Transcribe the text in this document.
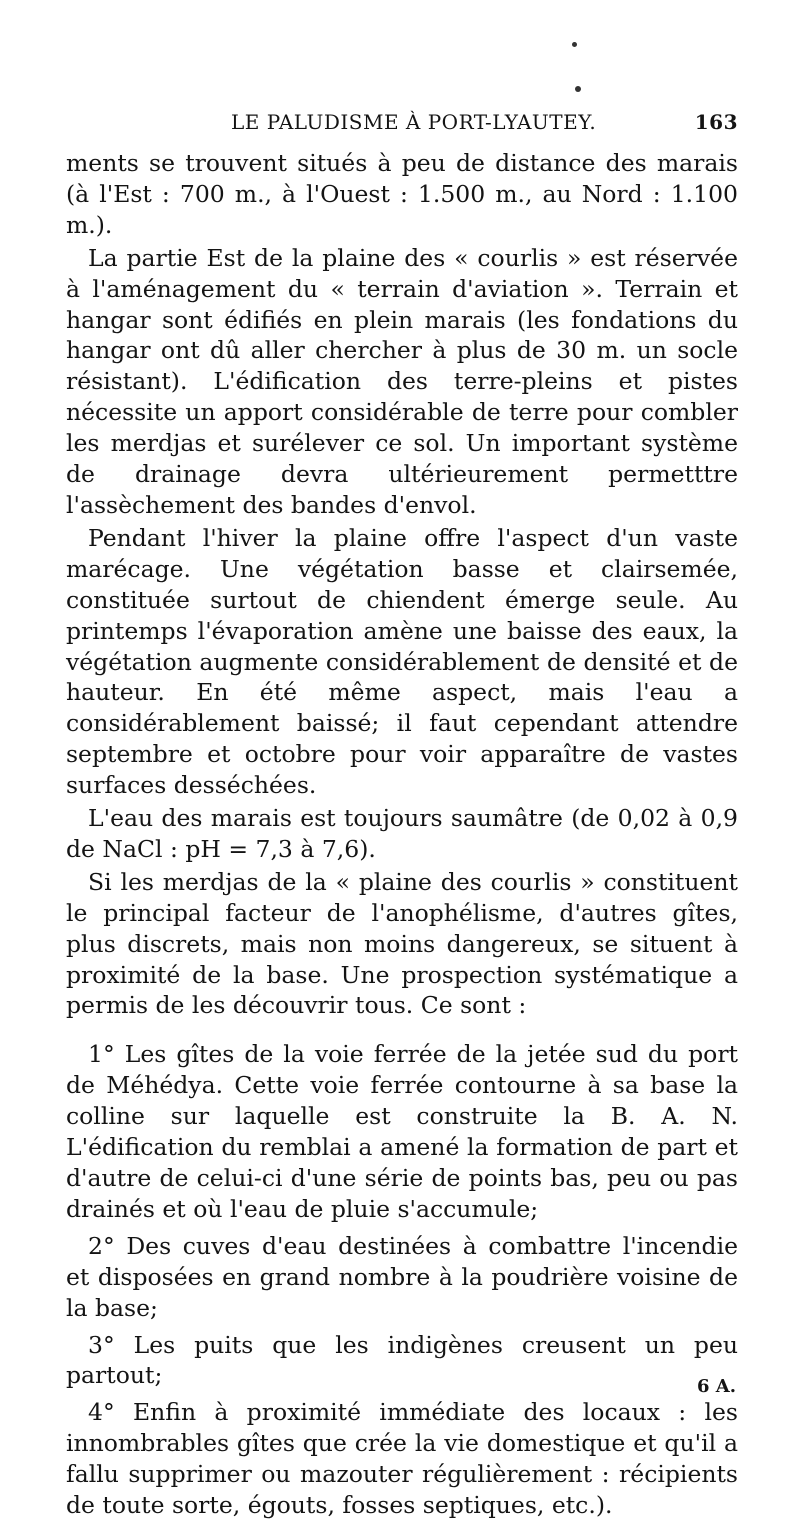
LE PALUDISME À PORT-LYAUTEY.	163

ments se trouvent situés à peu de distance des marais (à l'Est : 700 m., à l'Ouest : 1.500 m., au Nord : 1.100 m.).

La partie Est de la plaine des « courlis » est réservée à l'aménagement du « terrain d'aviation ». Terrain et hangar sont édifiés en plein marais (les fondations du hangar ont dû aller chercher à plus de 30 m. un socle résistant). L'édification des terre-pleins et pistes nécessite un apport considérable de terre pour combler les merdjas et surélever ce sol. Un important système de drainage devra ultérieurement permetttre l'assèchement des bandes d'envol.

Pendant l'hiver la plaine offre l'aspect d'un vaste marécage. Une végétation basse et clairsemée, constituée surtout de chiendent émerge seule. Au printemps l'évaporation amène une baisse des eaux, la végétation augmente considérablement de densité et de hauteur. En été même aspect, mais l'eau a considérablement baissé; il faut cependant attendre septembre et octobre pour voir apparaître de vastes surfaces desséchées.

L'eau des marais est toujours saumâtre (de 0,02 à 0,9 de NaCl : pH = 7,3 à 7,6).

Si les merdjas de la « plaine des courlis » constituent le principal facteur de l'anophélisme, d'autres gîtes, plus discrets, mais non moins dangereux, se situent à proximité de la base. Une prospection systématique a permis de les découvrir tous. Ce sont :

1° Les gîtes de la voie ferrée de la jetée sud du port de Méhédya. Cette voie ferrée contourne à sa base la colline sur laquelle est construite la B. A. N. L'édification du remblai a amené la formation de part et d'autre de celui-ci d'une série de points bas, peu ou pas drainés et où l'eau de pluie s'accumule;

2° Des cuves d'eau destinées à combattre l'incendie et disposées en grand nombre à la poudrière voisine de la base;

3° Les puits que les indigènes creusent un peu partout;

4° Enfin à proximité immédiate des locaux : les innombrables gîtes que crée la vie domestique et qu'il a fallu supprimer ou mazouter régulièrement : récipients de toute sorte, égouts, fosses septiques, etc.).

6 A.
